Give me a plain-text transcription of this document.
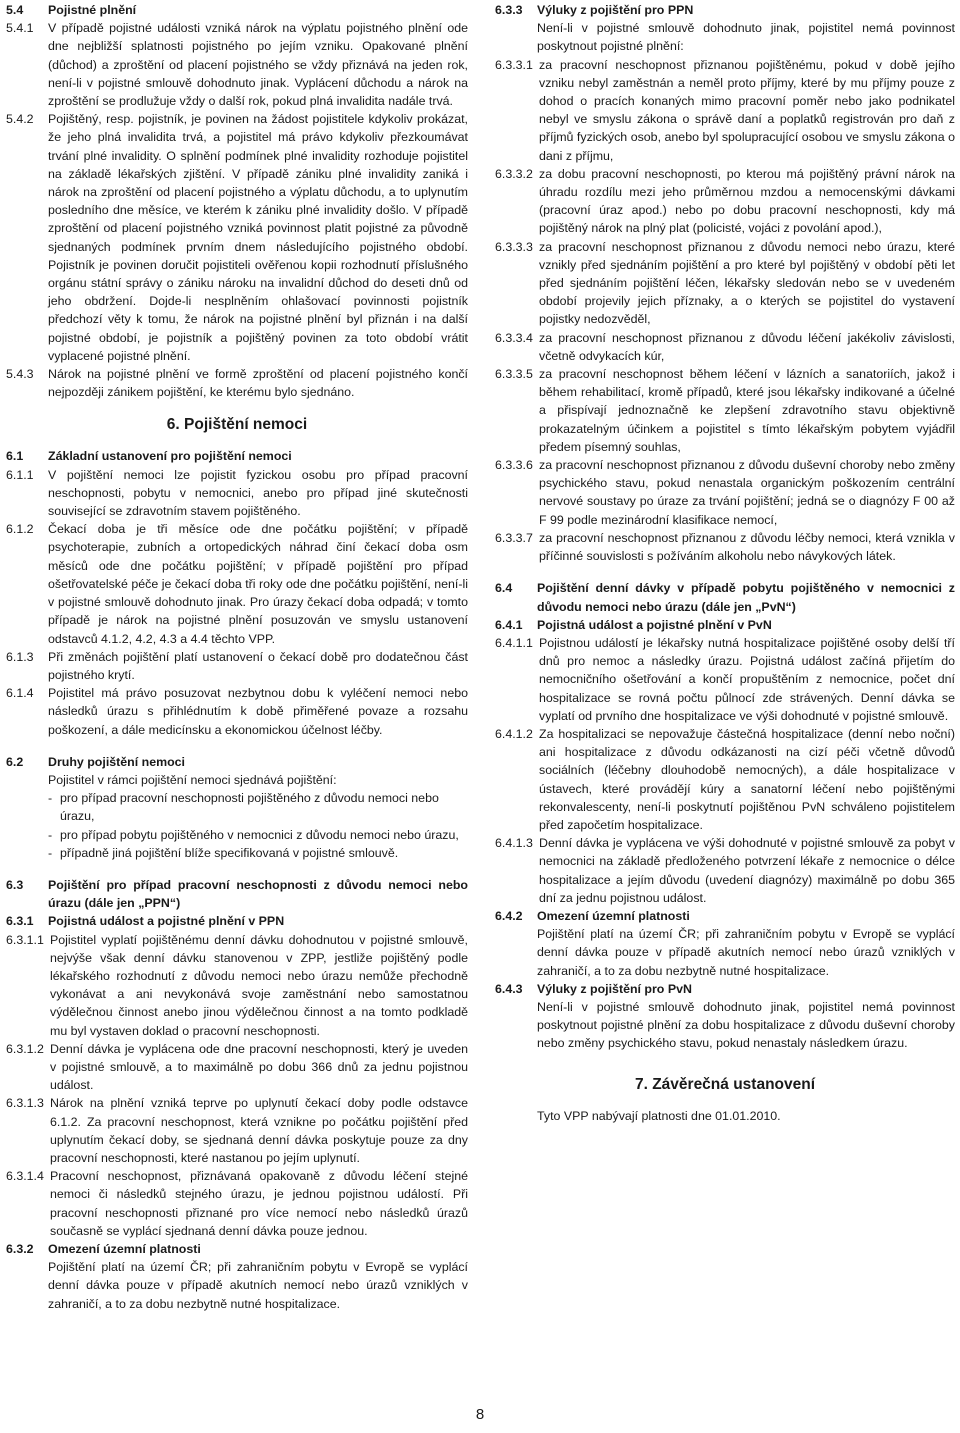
5.4	Pojistné plnění
5.4.1	V případě pojistné události vzniká nárok na výplatu pojistného plnění ode dne nejbližší splatnosti pojistného po jejím vzniku. Opakované plnění (důchod) a zproštění od placení pojistného se vždy přiznává na jeden rok, není-li v pojistné smlouvě dohodnuto jinak. Vyplácení důchodu a nárok na zproštění se prodlužuje vždy o další rok, pokud plná invalidita nadále trvá.
5.4.2	Pojištěný, resp. pojistník, je povinen na žádost pojistitele kdykoliv prokázat, že jeho plná invalidita trvá, a pojistitel má právo kdykoliv přezkoumávat trvání plné invalidity. O splnění podmínek plné invalidity rozhoduje pojistitel na základě lékařských zjištění. V případě zániku plné invalidity zaniká i nárok na zproštění od placení pojistného a výplatu důchodu, a to uplynutím posledního dne měsíce, ve kterém k zániku plné invalidity došlo. V případě zproštění od placení pojistného vzniká povinnost platit pojistné za původně sjednaných podmínek prvním dnem následujícího pojistného období. Pojistník je povinen doručit pojistiteli ověřenou kopii rozhodnutí příslušného orgánu státní správy o zániku nároku na invalidní důchod do deseti dnů od jeho obdržení. Dojde-li nesplněním ohlašovací povinnosti pojistník předchozí věty k tomu, že nárok na pojistné plnění byl přiznán i na další pojistné období, je pojistník a pojištěný povinen za toto období vrátit vyplacené pojistné plnění.
5.4.3	Nárok na pojistné plnění ve formě zproštění od placení pojistného končí nejpozději zánikem pojištění, ke kterému bylo sjednáno.
6. Pojištění nemoci
6.1	Základní ustanovení pro pojištění nemoci
6.1.1	V pojištění nemoci lze pojistit fyzickou osobu pro případ pracovní neschopnosti, pobytu v nemocnici, anebo pro případ jiné skutečnosti související se zdravotním stavem pojištěného.
6.1.2	Čekací doba je tři měsíce ode dne počátku pojištění; v případě psychoterapie, zubních a ortopedických náhrad činí čekací doba osm měsíců ode dne počátku pojištění; v případě pojištění pro případ ošetřovatelské péče je čekací doba tři roky ode dne počátku pojištění, není-li v pojistné smlouvě dohodnuto jinak. Pro úrazy čekací doba odpadá; v tomto případě je nárok na pojistné plnění posuzován ve smyslu ustanovení odstavců 4.1.2, 4.2, 4.3 a 4.4 těchto VPP.
6.1.3	Při změnách pojištění platí ustanovení o čekací době pro dodatečnou část pojistného krytí.
6.1.4	Pojistitel má právo posuzovat nezbytnou dobu k vyléčení nemoci nebo následků úrazu s přihlédnutím k době přiměřené povaze a rozsahu poškození, a dále medicínsku a ekonomickou účelnost léčby.
6.2	Druhy pojištění nemoci
Pojistitel v rámci pojištění nemoci sjednává pojištění:
- pro případ pracovní neschopnosti pojištěného z důvodu nemoci nebo úrazu,
- pro případ pobytu pojištěného v nemocnici z důvodu nemoci nebo úrazu,
- případně jiná pojištění blíže specifikovaná v pojistné smlouvě.
6.3	Pojištění pro případ pracovní neschopnosti z důvodu nemoci nebo úrazu (dále jen „PPN“)
6.3.1	Pojistná událost a pojistné plnění v PPN
6.3.1.1 Pojistitel vyplatí pojištěnému denní dávku dohodnutou v pojistné smlouvě, nejvýše však denní dávku stanovenou v ZPP, jestliže pojištěný podle lékařského rozhodnutí z důvodu nemoci nebo úrazu nemůže přechodně vykonávat a ani nevykonává svoje zaměstnání nebo samostatnou výdělečnou činnost anebo jinou výdělečnou činnost a na tomto podkladě mu byl vystaven doklad o pracovní neschopnosti.
6.3.1.2 Denní dávka je vyplácena ode dne pracovní neschopnosti, který je uveden v pojistné smlouvě, a to maximálně po dobu 366 dnů za jednu pojistnou událost.
6.3.1.3 Nárok na plnění vzniká teprve po uplynutí čekací doby podle odstavce 6.1.2. Za pracovní neschopnost, která vznikne po počátku pojištění před uplynutím čekací doby, se sjednaná denní dávka poskytuje pouze za dny pracovní neschopnosti, které nastanou po jejím uplynutí.
6.3.1.4 Pracovní neschopnost, přiznávaná opakovaně z důvodu léčení stejné nemoci či následků stejného úrazu, je jednou pojistnou událostí. Při pracovní neschopnosti přiznané pro více nemocí nebo následků úrazů současně se vyplácí sjednaná denní dávka pouze jednou.
6.3.2	Omezení územní platnosti
Pojištění platí na území ČR; při zahraničním pobytu v Evropě se vyplácí denní dávka pouze v případě akutních nemocí nebo úrazů vzniklých v zahraničí, a to za dobu nezbytně nutné hospitalizace.
6.3.3	Výluky z pojištění pro PPN
Není-li v pojistné smlouvě dohodnuto jinak, pojistitel nemá povinnost poskytnout pojistné plnění:
6.3.3.1 za pracovní neschopnost přiznanou pojištěnému, pokud v době jejího vzniku nebyl zaměstnán a neměl proto příjmy, které by mu příjmy pouze z dohod o pracích konaných mimo pracovní poměr nebo jako podnikatel nebyl ve smyslu zákona o správě daní a poplatků registrován pro daň z příjmů fyzických osob, anebo byl spolupracující osobou ve smyslu zákona o dani z příjmu,
6.3.3.2 za dobu pracovní neschopnosti, po kterou má pojištěný právní nárok na úhradu rozdílu mezi jeho průměrnou mzdou a nemocenskými dávkami (pracovní úraz apod.) nebo po dobu pracovní neschopnosti, kdy má pojištěný nárok na plný plat (policisté, vojáci z povolání apod.),
6.3.3.3 za pracovní neschopnost přiznanou z důvodu nemoci nebo úrazu, které vznikly před sjednáním pojištění a pro které byl pojištěný v období pěti let před sjednáním pojištění léčen, lékařsky sledován nebo se v uvedeném období projevily jejich příznaky, a o kterých se pojistitel do vystavení pojistky nedozvěděl,
6.3.3.4 za pracovní neschopnost přiznanou z důvodu léčení jakékoliv závislosti, včetně odvykacích kúr,
6.3.3.5 za pracovní neschopnost během léčení v lázních a sanatoriích, jakož i během rehabilitací, kromě případů, které jsou lékařsky indikované a účelné a přispívají jednoznačně ke zlepšení zdravotního stavu objektivně prokazatelným účinkem a pojistitel s tímto lékařským pobytem vyjádřil předem písemný souhlas,
6.3.3.6 za pracovní neschopnost přiznanou z důvodu duševní choroby nebo změny psychického stavu, pokud nenastala organickým poškozením centrální nervové soustavy po úraze za trvání pojištění; jedná se o diagnózy F 00 až F 99 podle mezinárodní klasifikace nemocí,
6.3.3.7 za pracovní neschopnost přiznanou z důvodu léčby nemoci, která vznikla v příčinné souvislosti s požíváním alkoholu nebo návykových látek.
6.4	Pojištění denní dávky v případě pobytu pojištěného v nemocnici z důvodu nemoci nebo úrazu (dále jen „PvN“)
6.4.1	Pojistná událost a pojistné plnění v PvN
6.4.1.1 Pojistnou událostí je lékařsky nutná hospitalizace pojištěné osoby delší tří dnů pro nemoc a následky úrazu. Pojistná událost začíná přijetím do nemocničního ošetřování a končí propuštěním z nemocnice, počet dní hospitalizace se rovná počtu půlnocí zde strávených. Denní dávka se vyplatí od prvního dne hospitalizace ve výši dohodnuté v pojistné smlouvě.
6.4.1.2 Za hospitalizaci se nepovažuje částečná hospitalizace (denní nebo noční) ani hospitalizace z důvodu odkázanosti na cizí péči včetně důvodů sociálních (léčebny dlouhodobě nemocných), a dále hospitalizace v ústavech, které provádějí kúry a sanatorní léčení nebo pojištěnými rekonvalescenty, není-li poskytnutí pojištěnou PvN schváleno pojistitelem před započetím hospitalizace.
6.4.1.3 Denní dávka je vyplácena ve výši dohodnuté v pojistné smlouvě za pobyt v nemocnici na základě předloženého potvrzení lékaře z nemocnice o délce hospitalizace a jejím důvodu (uvedení diagnózy) maximálně po dobu 365 dní za jednu pojistnou událost.
6.4.2	Omezení územní platnosti
Pojištění platí na území ČR; při zahraničním pobytu v Evropě se vyplácí denní dávka pouze v případě akutních nemocí nebo úrazů vzniklých v zahraničí, a to za dobu nezbytně nutné hospitalizace.
6.4.3	Výluky z pojištění pro PvN
Není-li v pojistné smlouvě dohodnuto jinak, pojistitel nemá povinnost poskytnout pojistné plnění za dobu hospitalizace z důvodu duševní choroby nebo změny psychického stavu, pokud nenastaly následkem úrazu.
7. Závěrečná ustanovení
Tyto VPP nabývají platnosti dne 01.01.2010.
8
